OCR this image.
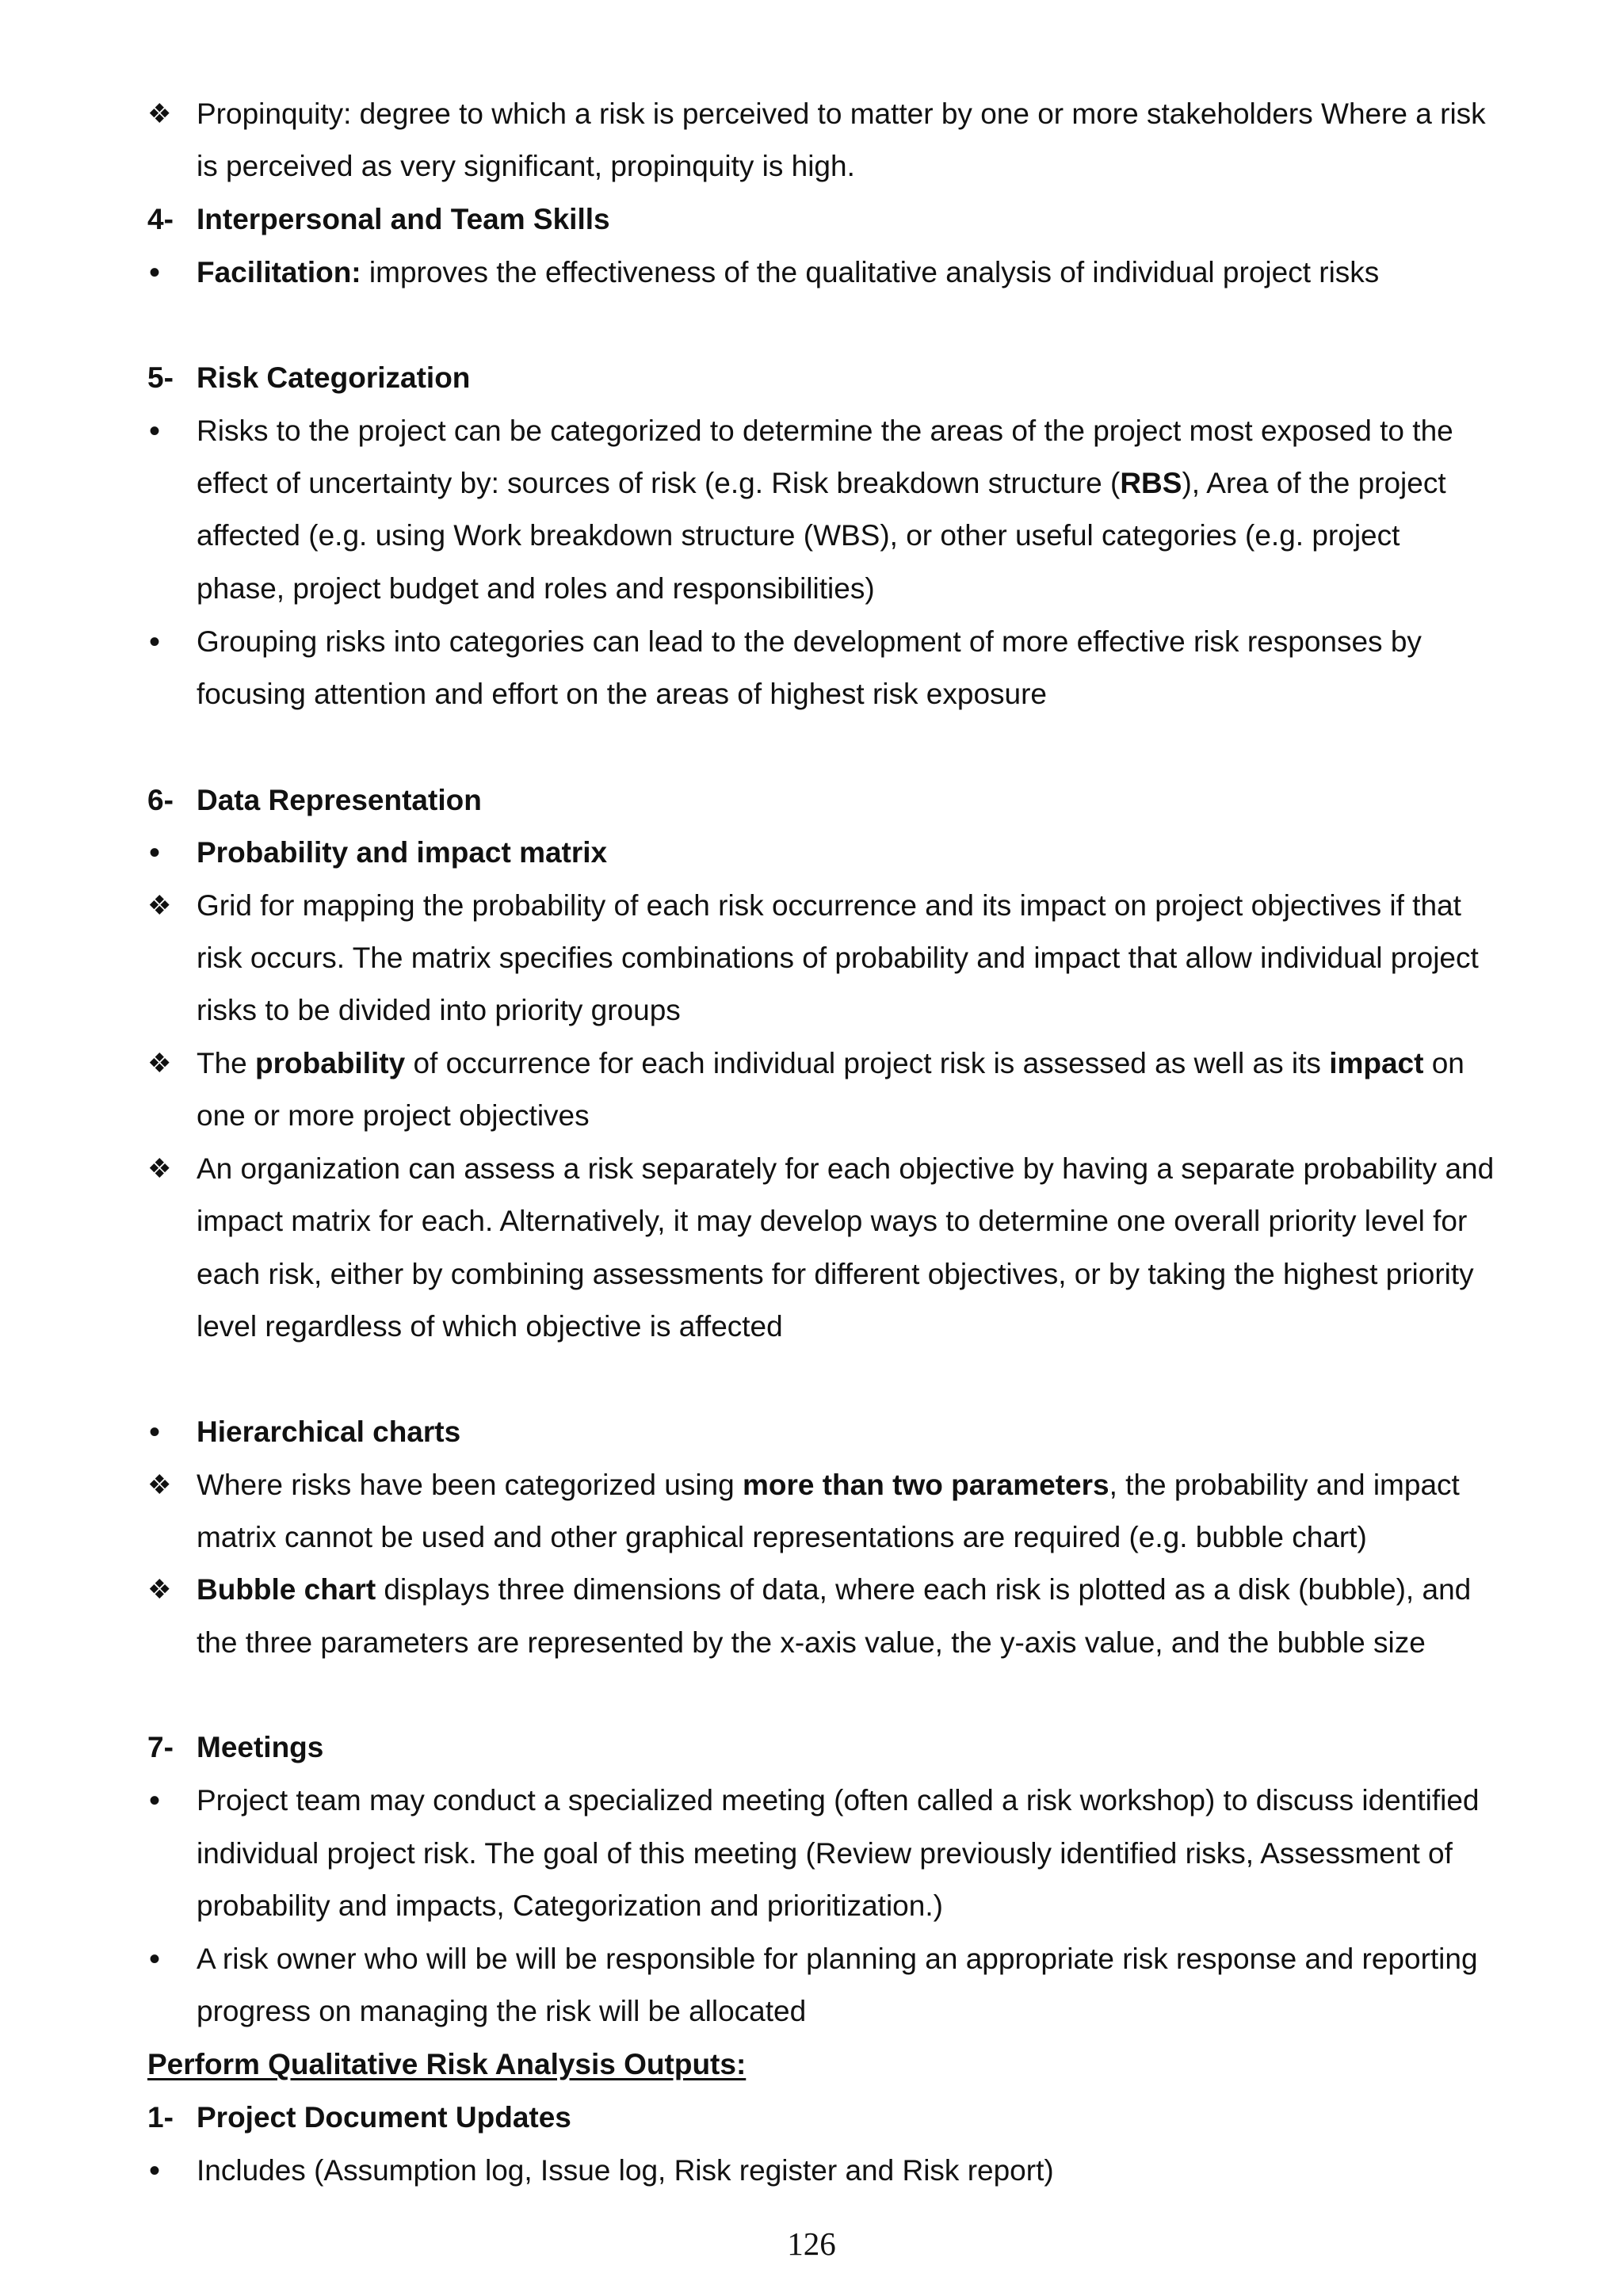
❖ Propinquity: degree to which a risk is perceived to matter by one or more stakeholders Where a risk
is perceived as very significant, propinquity is high.
4- Interpersonal and Team Skills
•	Facilitation: improves the effectiveness of the qualitative analysis of individual project risks
5- Risk Categorization
•	Risks to the project can be categorized to determine the areas of the project most exposed to the
effect of uncertainty by: sources of risk (e.g. Risk breakdown structure (RBS), Area of the project
affected (e.g. using Work breakdown structure (WBS), or other useful categories (e.g. project
phase, project budget and roles and responsibilities)
•	Grouping risks into categories can lead to the development of more effective risk responses by
focusing attention and effort on the areas of highest risk exposure
6- Data Representation
•	Probability and impact matrix
❖ Grid for mapping the probability of each risk occurrence and its impact on project objectives if that
risk occurs. The matrix specifies combinations of probability and impact that allow individual project
risks to be divided into priority groups
❖ The probability of occurrence for each individual project risk is assessed as well as its impact on
one or more project objectives
❖ An organization can assess a risk separately for each objective by having a separate probability and
impact matrix for each. Alternatively, it may develop ways to determine one overall priority level for
each risk, either by combining assessments for different objectives, or by taking the highest priority
level regardless of which objective is affected
•	Hierarchical charts
❖ Where risks have been categorized using more than two parameters, the probability and impact
matrix cannot be used and other graphical representations are required (e.g. bubble chart)
❖ Bubble chart displays three dimensions of data, where each risk is plotted as a disk (bubble), and
the three parameters are represented by the x-axis value, the y-axis value, and the bubble size
7- Meetings
•	Project team may conduct a specialized meeting (often called a risk workshop) to discuss identified
individual project risk. The goal of this meeting (Review previously identified risks, Assessment of
probability and impacts, Categorization and prioritization.)
•	A risk owner who will be will be responsible for planning an appropriate risk response and reporting
progress on managing the risk will be allocated
Perform Qualitative Risk Analysis Outputs:
1- Project Document Updates
•	Includes (Assumption log, Issue log, Risk register and Risk report)
126
